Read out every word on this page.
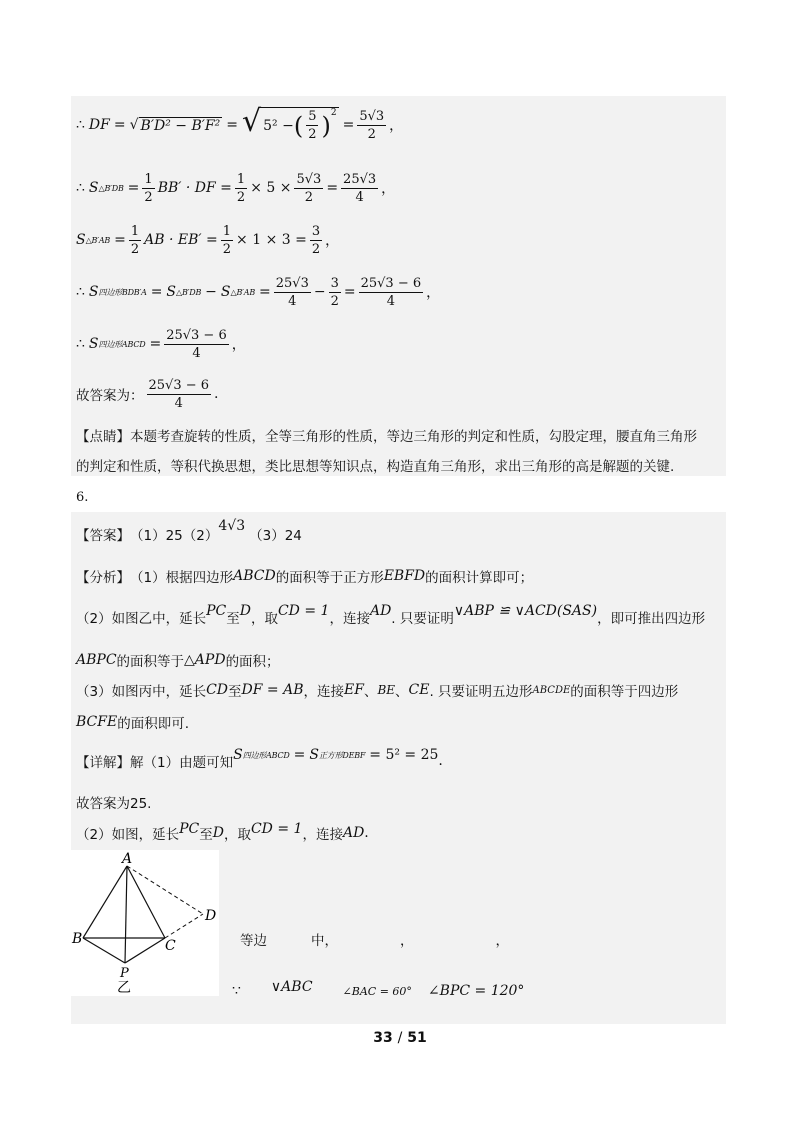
∴ DF = √ B′D² − B′F² = √ 5² − ( $\frac{5}{2} )^2$
= $\frac{5√3}{2}$ ，
∴ S △B′DB = $\frac{1}{2} BB'$ · DF = $\frac{1}{2} \times 5 \times \frac{5√3}{2} = \frac{25√3}{4}$ ，
S △B′AB = $\frac{1}{2}$ AB · $EB' = \frac{1}{2} \times 1 \times 3 = \frac{3}{2}$ ，
∴ S 四边形BDB′A = S △B′DB − S △B′AB = $\frac{25√3}{4} - \frac{3}{2} = \frac{25√3 - 6}{4}$ ，
∴ S 四边形ABCD = $\frac{25√3 - 6}{4}$ ，
故答案为： $\frac{25√3 - 6}{4}$ .
【点睛】本题考查旋转的性质，全等三角形的性质，等边三角形的判定和性质，勾股定理，腰直角三角形
的判定和性质，等积代换思想，类比思想等知识点，构造直角三角形，求出三角形的高是解题的关键.
6.
【答案】 （1）25（2）
4√3
（3）24
【分析】 （1）根据四边形 ABCD 的面积等于正方形 EBFD 的面积计算即可；
（2）如图乙中，延长 PC 至 D ，取 CD = 1 ，连接 AD . 只要证明 ∨ABP ≌ ∨ACD(SAS) ，即可推出四边形
ABPC 的面积等于 △APD 的面积；
（3）如图丙中，延长 CD 至 DF = AB ，连接 EF 、 BE 、 CE . 只要证明五边形 ABCDE 的面积等于四边形
BCFE 的面积即可.
【详解】 解（1）由题可知 S 四边形ABCD = S 正方形DEBF = 5² = 25 .
故答案为25.
（2）如图，延长 PC 至 D ，取 CD = 1 ，连接 AD .
A
B	C
D
P
乙
等边	中，	，	，
∵ ∨ABC	∠BAC = 60° ∠BPC = 120°
33 / 51
